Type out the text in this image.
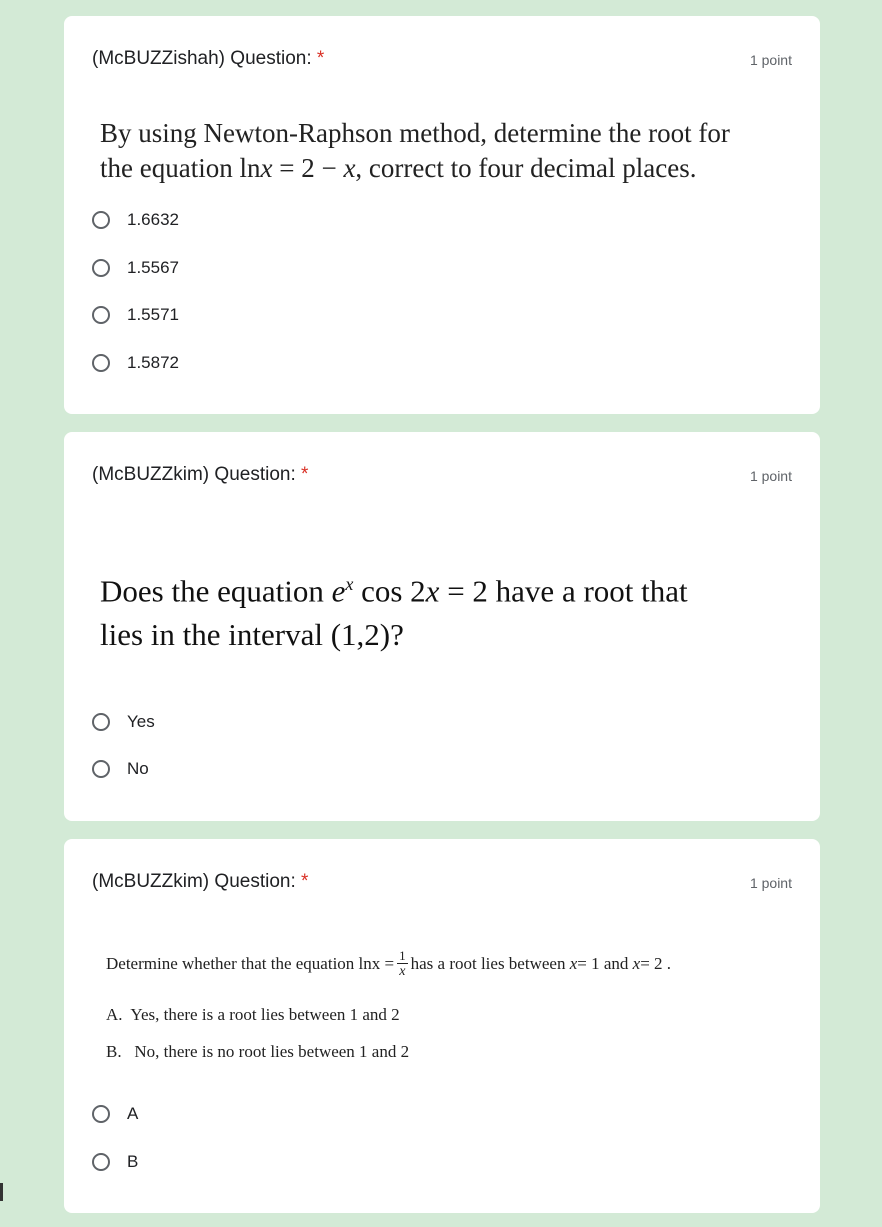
(McBUZZishah) Question: *	1 point
By using Newton-Raphson method, determine the root for
the equation lnx = 2 − x, correct to four decimal places.
1.6632
1.5567
1.5571
1.5872
(McBUZZkim) Question: *	1 point
Does the equation $e^x$ cos 2x = 2 have a root that
lies in the interval (1,2)?
Yes
No
(McBUZZkim) Question: *	1 point
Determine whether that the equation
$\ln x = \frac{1}{x}$ has a root lies between
x = 1
and
x = 2 .
A.  Yes, there is a root lies between 1 and 2
B.   No, there is no root lies between 1 and 2
A
B
